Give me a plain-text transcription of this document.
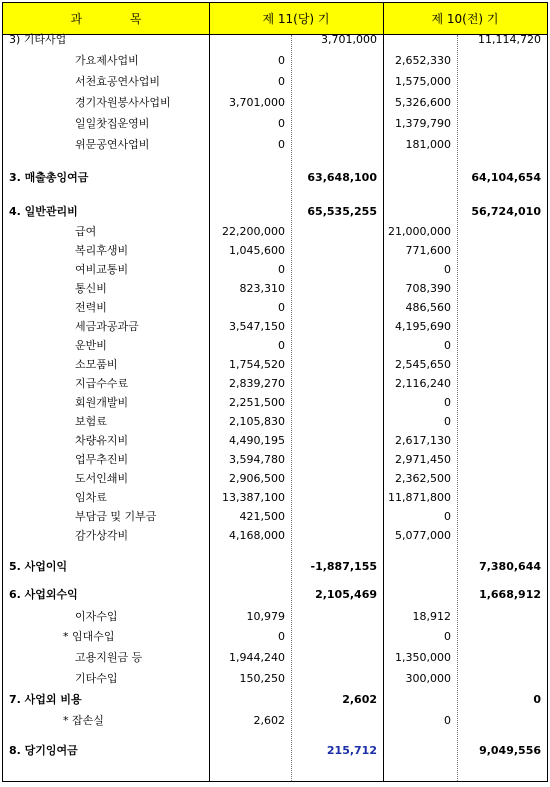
과 목	제 11(당) 기	제 10(전) 기
3) 기타사업	3,701,000	11,114,720
가요제사업비	0	2,652,330
서천효공연사업비	0	1,575,000
경기자원봉사사업비	3,701,000	5,326,600
일일찻집운영비	0	1,379,790
위문공연사업비	0	181,000
3. 매출총잉여금	63,648,100	64,104,654
4. 일반관리비	65,535,255	56,724,010
급여	22,200,000	21,000,000
복리후생비	1,045,600	771,600
여비교통비	0	0
통신비	823,310	708,390
전력비	0	486,560
세금과공과금	3,547,150	4,195,690
운반비	0	0
소모품비	1,754,520	2,545,650
지급수수료	2,839,270	2,116,240
회원개발비	2,251,500	0
보험료	2,105,830	0
차량유지비	4,490,195	2,617,130
업무추진비	3,594,780	2,971,450
도서인쇄비	2,906,500	2,362,500
임차료	13,387,100	11,871,800
부담금 및 기부금	421,500	0
감가상각비	4,168,000	5,077,000
5. 사업이익	-1,887,155	7,380,644
6. 사업외수익	2,105,469	1,668,912
이자수입	10,979	18,912
* 임대수입	0	0
고용지원금 등	1,944,240	1,350,000
기타수입	150,250	300,000
7. 사업외 비용	2,602	0
* 잡손실	2,602	0
8. 당기잉여금	215,712	9,049,556
